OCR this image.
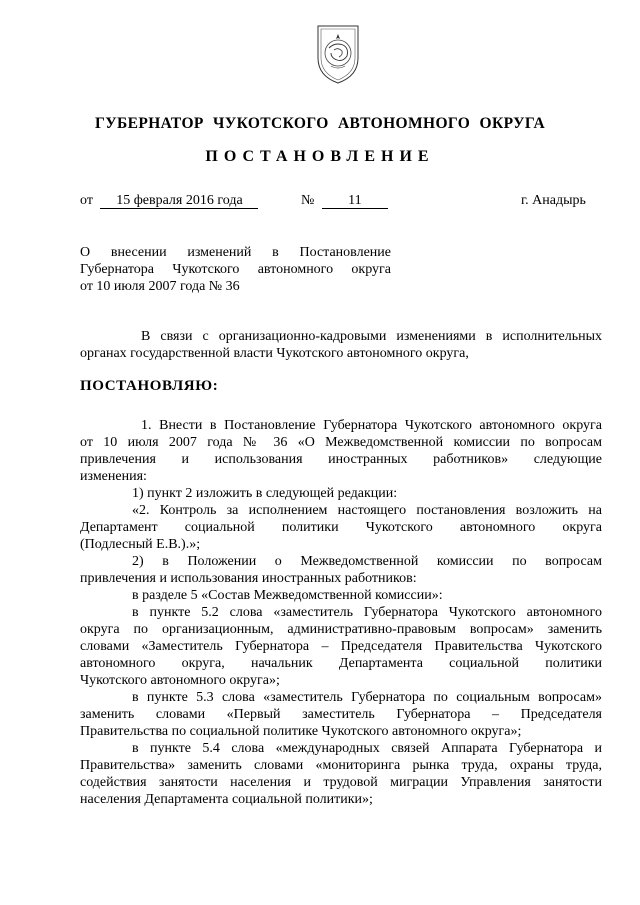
ГУБЕРНАТОР ЧУКОТСКОГО АВТОНОМНОГО ОКРУГА
ПОСТАНОВЛЕНИЕ
от 15 февраля 2016 года	№ 11	г. Анадырь
О внесении изменений в Постановление
Губернатора Чукотского автономного округа
от 10 июля 2007 года № 36
В связи с организационно-кадровыми изменениями в исполнительных
органах государственной власти Чукотского автономного округа,
ПОСТАНОВЛЯЮ:
1. Внести в Постановление Губернатора Чукотского автономного округа
от 10 июля 2007 года № 36 «О Межведомственной комиссии по вопросам
привлечения и использования иностранных работников» следующие
изменения:
1) пункт 2 изложить в следующей редакции:
«2. Контроль за исполнением настоящего постановления возложить на
Департамент социальной политики Чукотского автономного округа
(Подлесный Е.В.).»;
2) в Положении о Межведомственной комиссии по вопросам
привлечения и использования иностранных работников:
в разделе 5 «Состав Межведомственной комиссии»:
в пункте 5.2 слова «заместитель Губернатора Чукотского автономного
округа по организационным, административно-правовым вопросам» заменить
словами «Заместитель Губернатора – Председателя Правительства Чукотского
автономного округа, начальник Департамента социальной политики
Чукотского автономного округа»;
в пункте 5.3 слова «заместитель Губернатора по социальным вопросам»
заменить словами «Первый заместитель Губернатора – Председателя
Правительства по социальной политике Чукотского автономного округа»;
в пункте 5.4 слова «международных связей Аппарата Губернатора и
Правительства» заменить словами «мониторинга рынка труда, охраны труда,
содействия занятости населения и трудовой миграции Управления занятости
населения Департамента социальной политики»;
